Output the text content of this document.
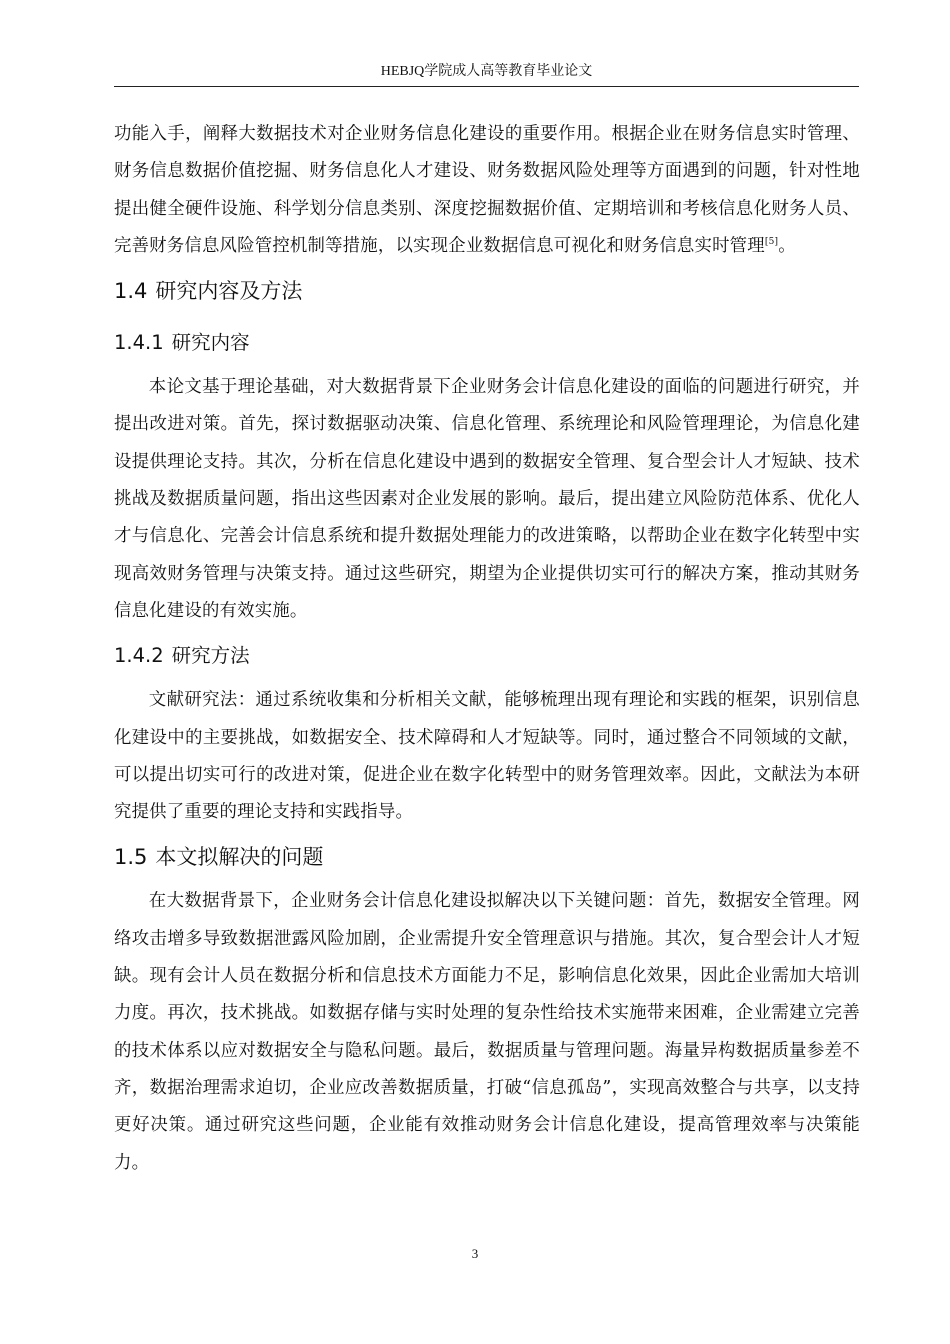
HEBJQ学院成人高等教育毕业论文

功能入手，阐释大数据技术对企业财务信息化建设的重要作用。根据企业在财务信息实时管理、财务信息数据价值挖掘、财务信息化人才建设、财务数据风险处理等方面遇到的问题，针对性地提出健全硬件设施、科学划分信息类别、深度挖掘数据价值、定期培训和考核信息化财务人员、完善财务信息风险管控机制等措施，以实现企业数据信息可视化和财务信息实时管理[5]。

1.4 研究内容及方法
1.4.1 研究内容

本论文基于理论基础，对大数据背景下企业财务会计信息化建设的面临的问题进行研究，并提出改进对策。首先，探讨数据驱动决策、信息化管理、系统理论和风险管理理论，为信息化建设提供理论支持。其次，分析在信息化建设中遇到的数据安全管理、复合型会计人才短缺、技术挑战及数据质量问题，指出这些因素对企业发展的影响。最后，提出建立风险防范体系、优化人才与信息化、完善会计信息系统和提升数据处理能力的改进策略，以帮助企业在数字化转型中实现高效财务管理与决策支持。通过这些研究，期望为企业提供切实可行的解决方案，推动其财务信息化建设的有效实施。

1.4.2 研究方法

文献研究法：通过系统收集和分析相关文献，能够梳理出现有理论和实践的框架，识别信息化建设中的主要挑战，如数据安全、技术障碍和人才短缺等。同时，通过整合不同领域的文献，可以提出切实可行的改进对策，促进企业在数字化转型中的财务管理效率。因此，文献法为本研究提供了重要的理论支持和实践指导。

1.5 本文拟解决的问题

在大数据背景下，企业财务会计信息化建设拟解决以下关键问题：首先，数据安全管理。网络攻击增多导致数据泄露风险加剧，企业需提升安全管理意识与措施。其次，复合型会计人才短缺。现有会计人员在数据分析和信息技术方面能力不足，影响信息化效果，因此企业需加大培训力度。再次，技术挑战。如数据存储与实时处理的复杂性给技术实施带来困难，企业需建立完善的技术体系以应对数据安全与隐私问题。最后，数据质量与管理问题。海量异构数据质量参差不齐，数据治理需求迫切，企业应改善数据质量，打破“信息孤岛”，实现高效整合与共享，以支持更好决策。通过研究这些问题，企业能有效推动财务会计信息化建设，提高管理效率与决策能力。

3
